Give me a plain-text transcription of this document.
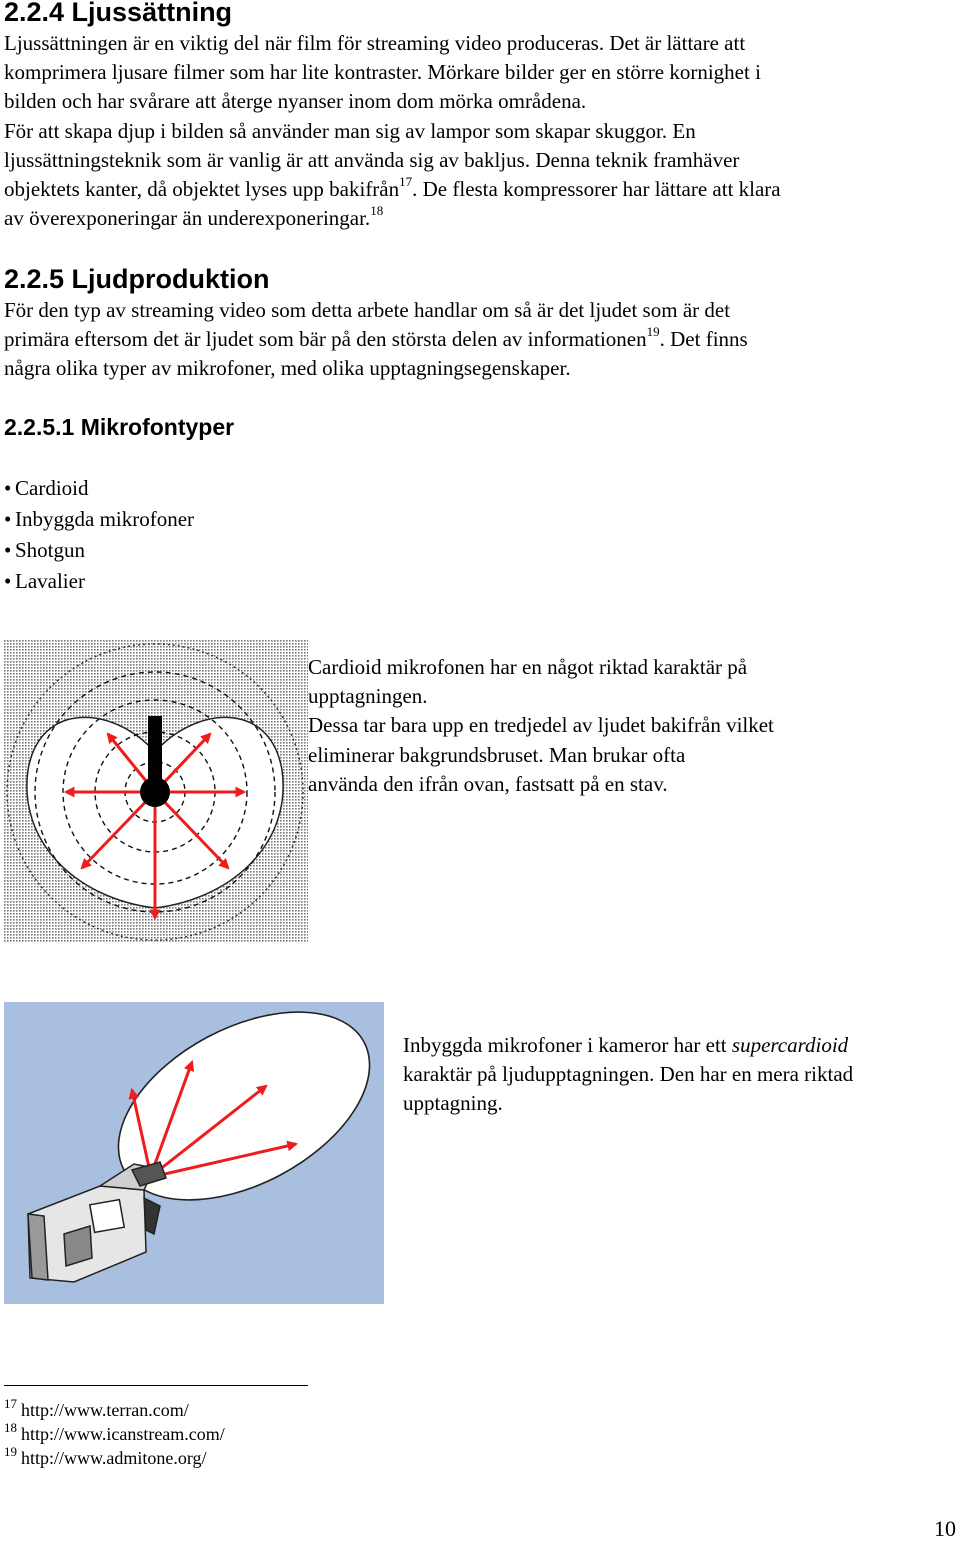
2.2.4 Ljussättning
Ljussättningen är en viktig del när film för streaming video produceras. Det är lättare att
komprimera ljusare filmer som har lite kontraster. Mörkare bilder ger en större kornighet i
bilden och har svårare att återge nyanser inom dom mörka områdena.
För att skapa djup i bilden så använder man sig av lampor som skapar skuggor. En
ljussättningsteknik som är vanlig är att använda sig av bakljus. Denna teknik framhäver
objektets kanter, då objektet lyses upp bakifrån$^{17}$. De flesta kompressorer har lättare att klara
av överexponeringar än underexponeringar.$^{18}$
2.2.5 Ljudproduktion
För den typ av streaming video som detta arbete handlar om så är det ljudet som är det
primära eftersom det är ljudet som bär på den största delen av informationen$^{19}$. Det finns
några olika typer av mikrofoner, med olika upptagningsegenskaper.
2.2.5.1 Mikrofontyper
• Cardioid
• Inbyggda mikrofoner
• Shotgun
• Lavalier
Cardioid mikrofonen har en något riktad karaktär på
upptagningen.
Dessa tar bara upp en tredjedel av ljudet bakifrån vilket
eliminerar bakgrundsbruset. Man brukar ofta
använda den ifrån ovan, fastsatt på en stav.
Inbyggda mikrofoner i kameror har ett supercardioid
karaktär på ljudupptagningen. Den har en mera riktad
upptagning.
$^{17}$ http://www.terran.com/
$^{18}$ http://www.icanstream.com/
$^{19}$ http://www.admitone.org/
10
